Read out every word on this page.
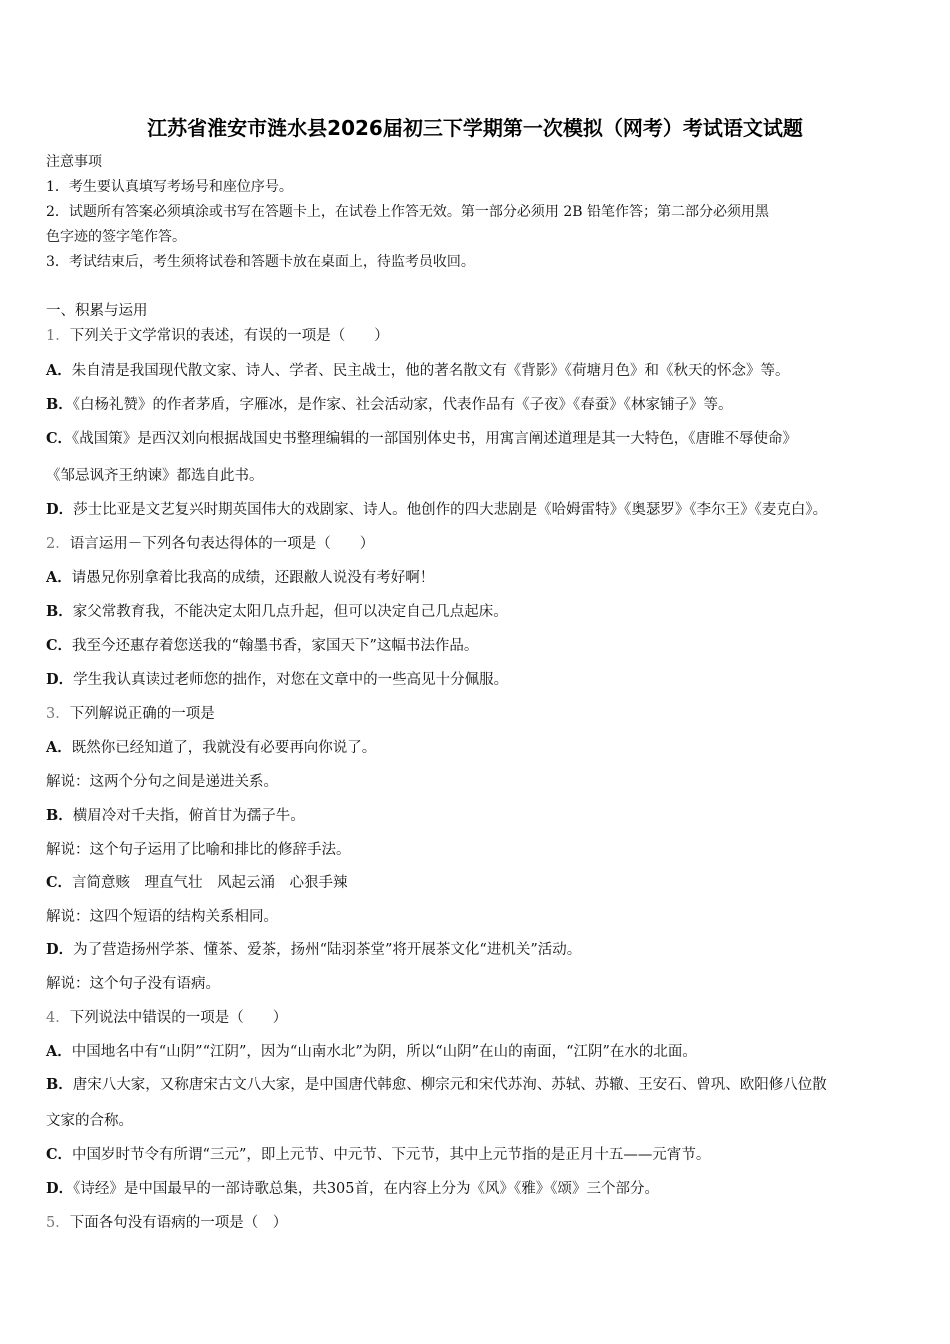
江苏省淮安市涟水县2026届初三下学期第一次模拟（网考）考试语文试题
注意事项
1．考生要认真填写考场号和座位序号。
2．试题所有答案必须填涂或书写在答题卡上，在试卷上作答无效。第一部分必须用 2B 铅笔作答；第二部分必须用黑
色字迹的签字笔作答。
3．考试结束后，考生须将试卷和答题卡放在桌面上，待监考员收回。
一、积累与运用
1．下列关于文学常识的表述，有误的一项是（　　）
A．朱自清是我国现代散文家、诗人、学者、民主战士，他的著名散文有《背影》《荷塘月色》和《秋天的怀念》等。
B．《白杨礼赞》的作者茅盾，字雁冰，是作家、社会活动家，代表作品有《子夜》《春蚕》《林家铺子》等。
C．《战国策》是西汉刘向根据战国史书整理编辑的一部国别体史书，用寓言阐述道理是其一大特色，《唐睢不辱使命》
《邹忌讽齐王纳谏》都选自此书。
D．莎士比亚是文艺复兴时期英国伟大的戏剧家、诗人。他创作的四大悲剧是《哈姆雷特》《奥瑟罗》《李尔王》《麦克白》。
2．语言运用－下列各句表达得体的一项是（　　）
A．请愚兄你别拿着比我高的成绩，还跟敝人说没有考好啊！
B．家父常教育我，不能决定太阳几点升起，但可以决定自己几点起床。
C．我至今还惠存着您送我的“翰墨书香，家国天下”这幅书法作品。
D．学生我认真读过老师您的拙作，对您在文章中的一些高见十分佩服。
3．下列解说正确的一项是
A．既然你已经知道了，我就没有必要再向你说了。
解说：这两个分句之间是递进关系。
B．横眉冷对千夫指，俯首甘为孺子牛。
解说：这个句子运用了比喻和排比的修辞手法。
C．言简意赅　理直气壮　风起云涌　心狠手辣
解说：这四个短语的结构关系相同。
D．为了营造扬州学茶、懂茶、爱茶，扬州“陆羽茶堂”将开展茶文化“进机关”活动。
解说：这个句子没有语病。
4．下列说法中错误的一项是（　　）
A．中国地名中有“山阴”“江阴”，因为“山南水北”为阴，所以“山阴”在山的南面，“江阴”在水的北面。
B．唐宋八大家，又称唐宋古文八大家，是中国唐代韩愈、柳宗元和宋代苏洵、苏轼、苏辙、王安石、曾巩、欧阳修八位散
文家的合称。
C．中国岁时节令有所谓“三元”，即上元节、中元节、下元节，其中上元节指的是正月十五——元宵节。
D．《诗经》是中国最早的一部诗歌总集，共305首，在内容上分为《风》《雅》《颂》三个部分。
5．下面各句没有语病的一项是（　）
